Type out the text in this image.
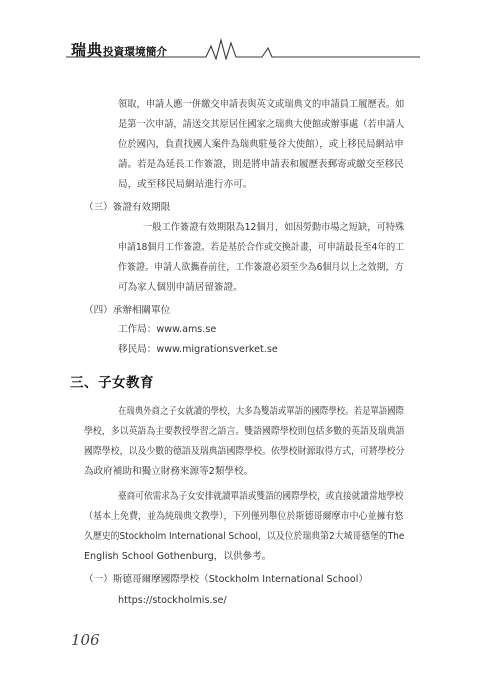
瑞典投資環境簡介
領取，申請人應一併繳交申請表與英文或瑞典文的申請員工履歷表。如
是第一次申請，請送交其原居住國家之瑞典大使館或辦事處（若申請人
位於國內，負責找國人案件為瑞典駐曼谷大使館），或上移民局網站申
請。若是為延長工作簽證，則是將申請表和履歷表郵寄或繳交至移民
局，或至移民局網站進行亦可。
（三）簽證有效期限
一般工作簽證有效期限為12個月，如因勞動市場之短缺，可特殊
申請18個月工作簽證。若是基於合作或交換計畫，可申請最長至4年的工
作簽證。申請人欲攜眷前往，工作簽證必須至少為6個月以上之效期，方
可為家人個別申請居留簽證。
（四）承辦相關單位
工作局：www.ams.se
移民局：www.migrationsverket.se
三、子女教育
在瑞典外商之子女就讀的學校，大多為雙語或單語的國際學校。若是單語國際
學校，多以英語為主要教授學習之語言。雙語國際學校則包括多數的英語及瑞典語
國際學校，以及少數的德語及瑞典語國際學校。依學校財源取得方式，可將學校分
為政府補助和獨立財務來源等2類學校。
臺商可依需求為子女安排就讀單語或雙語的國際學校，或直接就讀當地學校
（基本上免費，並為純瑞典文教學），下列僅列舉位於斯德哥爾摩市中心並擁有悠
久歷史的Stockholm International School，以及位於瑞典第2大城哥德堡的The
English School Gothenburg，以供參考。
（一）斯德哥爾摩國際學校（Stockholm International School）
https://stockholmis.se/
106
